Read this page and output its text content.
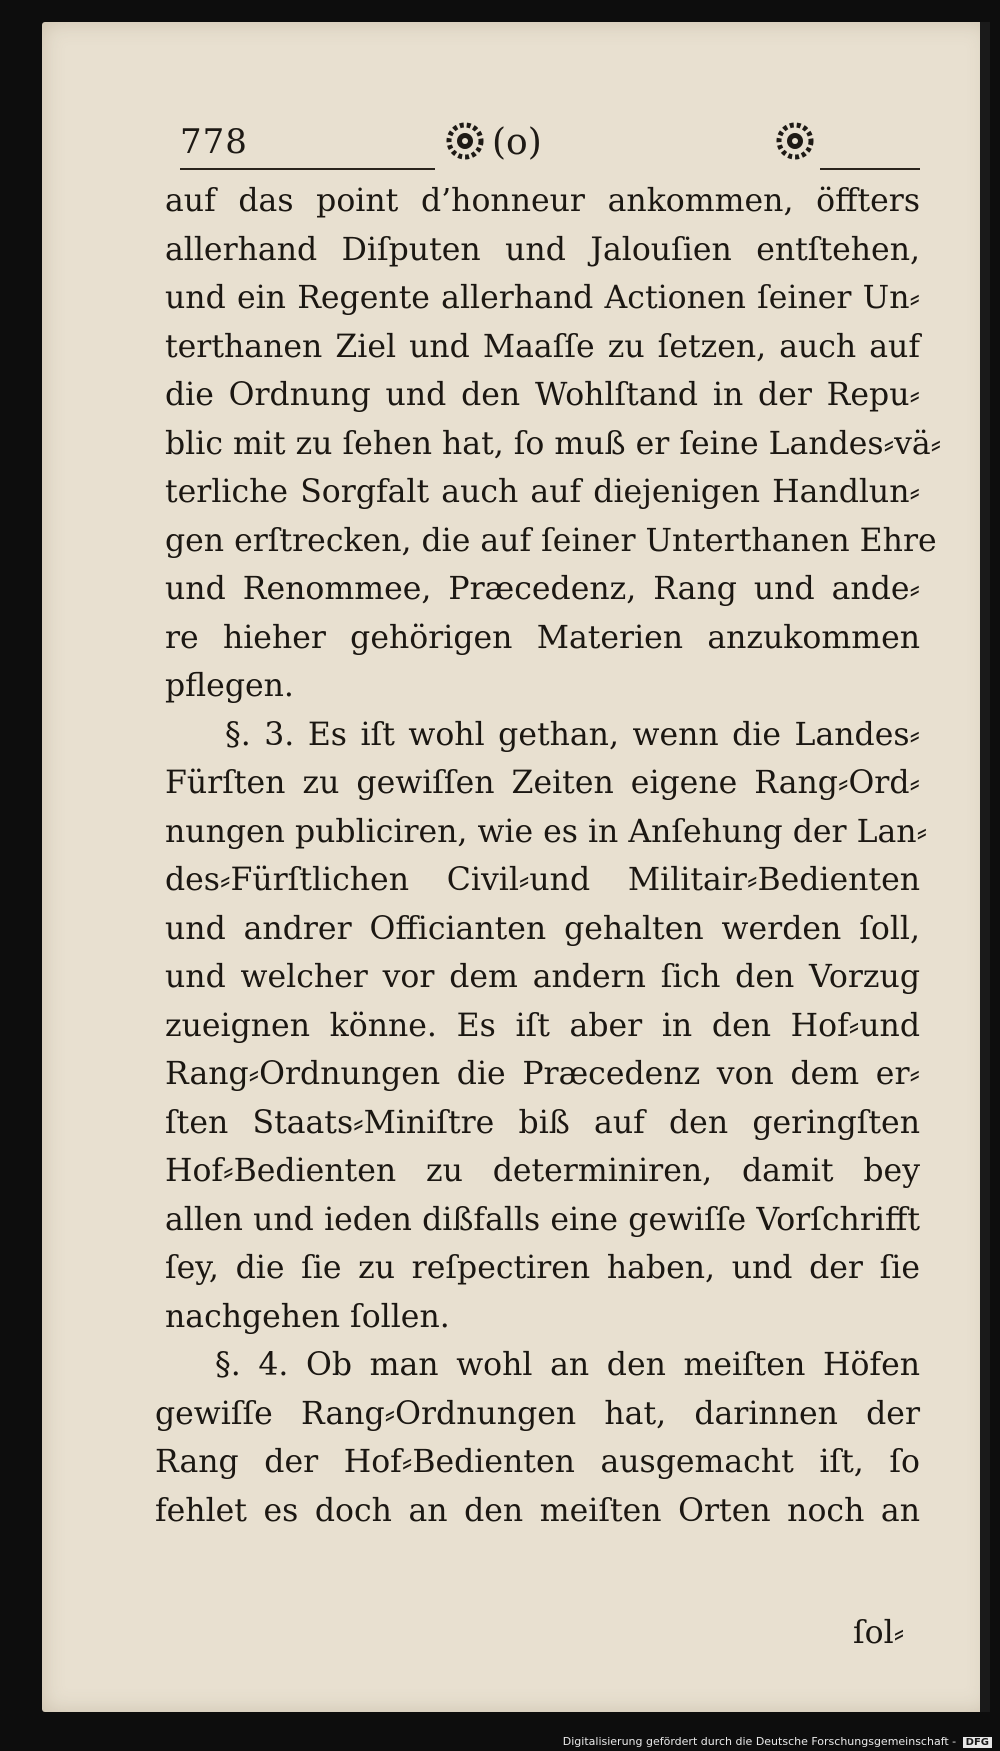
778	(o)
auf das point d’honneur ankommen, öffters
allerhand Diſputen und Jalouſien entſtehen,
und ein Regente allerhand Actionen ſeiner Un⸗
terthanen Ziel und Maaſſe zu ſetzen, auch auf
die Ordnung und den Wohlſtand in der Repu⸗
blic mit zu ſehen hat, ſo muß er ſeine Landes⸗vä⸗
terliche Sorgfalt auch auf diejenigen Handlun⸗
gen erſtrecken, die auf ſeiner Unterthanen Ehre
und Renommee, Præcedenz, Rang und ande⸗
re hieher gehörigen Materien anzukommen
pflegen.
§. 3. Es iſt wohl gethan, wenn die Landes⸗
Fürſten zu gewiſſen Zeiten eigene Rang⸗Ord⸗
nungen publiciren, wie es in Anſehung der Lan⸗
des⸗Fürſtlichen Civil⸗und Militair⸗Bedienten
und andrer Officianten gehalten werden ſoll,
und welcher vor dem andern ſich den Vorzug
zueignen könne. Es iſt aber in den Hof⸗und
Rang⸗Ordnungen die Præcedenz von dem er⸗
ſten Staats⸗Miniſtre biß auf den geringſten
Hof⸗Bedienten zu determiniren, damit bey
allen und ieden dißfalls eine gewiſſe Vorſchrifft
ſey, die ſie zu reſpectiren haben, und der ſie
nachgehen ſollen.
§. 4. Ob man wohl an den meiſten Höfen
gewiſſe Rang⸗Ordnungen hat, darinnen der
Rang der Hof⸗Bedienten ausgemacht iſt, ſo
fehlet es doch an den meiſten Orten noch an
ſol⸗
Digitalisierung gefördert durch die Deutsche Forschungsgemeinschaft - DFG
